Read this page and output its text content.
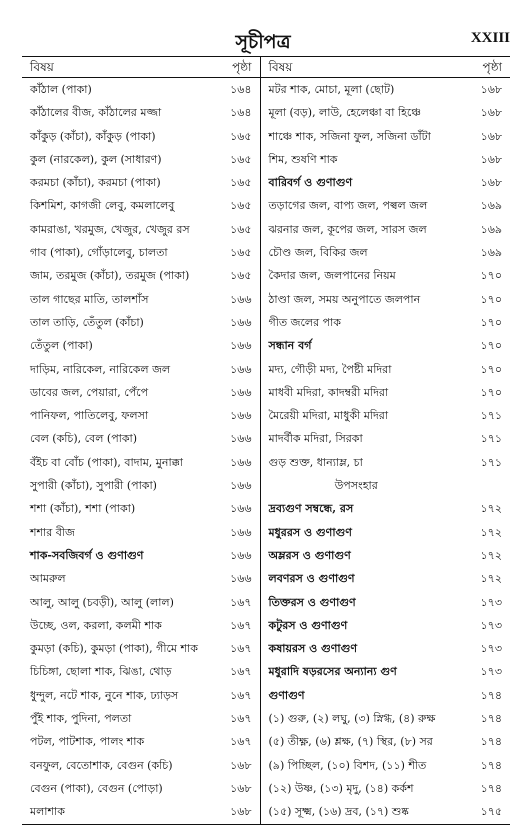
সূচীপত্র	XXIII
বিষয়	পৃষ্ঠা	বিষয়	পৃষ্ঠা
কাঁঠাল (পাকা)	১৬৪	মটর শাক, মোচা, মূলা (ছোট)	১৬৮
কাঁঠালের বীজ, কাঁঠালের মজ্জা	১৬৪	মূলা (বড়), লাউ, হেলেঞ্চা বা হিঞ্চে	১৬৮
কাঁকুড় (কাঁচা), কাঁকুড় (পাকা)	১৬৫	শাঞ্চে শাক, সজিনা ফুল, সজিনা ডাঁটা	১৬৮
কুল (নারকেল), কুল (সাধারণ)	১৬৫	শিম, শুষণি শাক	১৬৮
করমচা (কাঁচা), করমচা (পাকা)	১৬৫	বারিবর্গ ও গুণাগুণ	১৬৮
কিশমিশ, কাগজী লেবু, কমলালেবু	১৬৫	তড়াগের জল, বাপ্য জল, পল্বল জল	১৬৯
কামরাঙা, খরমুজ, খেজুর, খেজুর রস	১৬৫	ঝরনার জল, কূপের জল, সারস জল	১৬৯
গাব (পাকা), গোঁড়ালেবু, চালতা	১৬৫	চৌণ্ড জল, বিকির জল	১৬৯
জাম, তরমুজ (কাঁচা), তরমুজ (পাকা)	১৬৫	কৈদার জল, জলপানের নিয়ম	১৭০
তাল গাছের মাতি, তালশাঁস	১৬৬	ঠাণ্ডা জল, সময় অনুপাতে জলপান	১৭০
তাল তাড়ি, তেঁতুল (কাঁচা)	১৬৬	গীত জলের পাক	১৭০
তেঁতুল (পাকা)	১৬৬	সন্ধান বর্গ	১৭০
দাড়িম, নারিকেল, নারিকেল জল	১৬৬	মদ্য, গৌড়ী মদ্য, পৈষ্টী মদিরা	১৭০
ডাবের জল, পেয়ারা, পেঁপে	১৬৬	মাধবী মদিরা, কাদম্বরী মদিরা	১৭০
পানিফল, পাতিলেবু, ফলসা	১৬৬	মৈরেয়ী মদিরা, মাধুকী মদিরা	১৭১
বেল (কচি), বেল (পাকা)	১৬৬	মাদর্বীক মদিরা, সিরকা	১৭১
বঁইচ বা বোঁচ (পাকা), বাদাম, মুনাক্কা	১৬৬	গুড় শুক্ত, ধান্যাম্ল, চা	১৭১
সুপারী (কাঁচা), সুপারী (পাকা)	১৬৬	উপসংহার
শশা (কাঁচা), শশা (পাকা)	১৬৬	দ্রব্যগুণ সম্বন্ধে, রস	১৭২
শশার বীজ	১৬৬	মধুররস ও গুণাগুণ	১৭২
শাক-সবজিবর্গ ও গুণাগুণ	১৬৬	অম্লরস ও গুণাগুণ	১৭২
আমরুল	১৬৬	লবণরস ও গুণাগুণ	১৭২
আলু, আলু (চবড়ী), আলু (লাল)	১৬৭	তিক্তরস ও গুণাগুণ	১৭৩
উচ্ছে, ওল, করলা, কলমী শাক	১৬৭	কটুরস ও গুণাগুণ	১৭৩
কুমড়া (কচি), কুমড়া (পাকা), গীমে শাক	১৬৭	কষায়রস ও গুণাগুণ	১৭৩
চিচিঙ্গা, ছোলা শাক, ঝিঙা, থোড়	১৬৭	মধুরাদি ষড়রসের অন্যান্য গুণ	১৭৩
ধুন্দুল, নটে শাক, নুনে শাক, ঢ্যাড়স	১৬৭	গুণাগুণ	১৭৪
পুঁই শাক, পুদিনা, পলতা	১৬৭	(১) গুরু, (২) লঘু, (৩) স্নিগ্ধ, (৪) রুক্ষ	১৭৪
পটল, পাটশাক, পালং শাক	১৬৭	(৫) তীক্ষ্ণ, (৬) শ্লক্ষ, (৭) স্থির, (৮) সর	১৭৪
বনফুল, বেতোশাক, বেগুন (কচি)	১৬৮	(৯) পিচ্ছিল, (১০) বিশদ, (১১) শীত	১৭৪
বেগুন (পাকা), বেগুন (পোড়া)	১৬৮	(১২) উষ্ণ, (১৩) মৃদু, (১৪) কর্কশ	১৭৪
মলাশাক	১৬৮	(১৫) সূক্ষ্ম, (১৬) দ্রব, (১৭) শুষ্ক	১৭৫
